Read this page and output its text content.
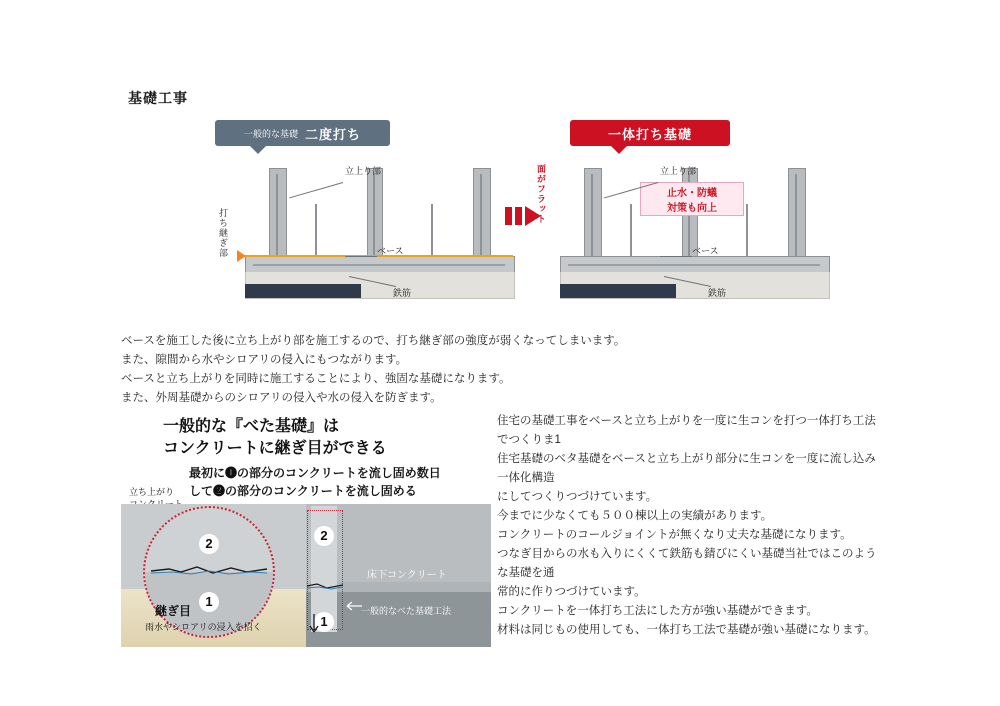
基礎工事
一般的な基礎 二度打ち	一体打ち基礎
立上り部
ベース
鉄筋
打ち継ぎ部
止水・防蟻
対策も向上
立上り部
ベース
鉄筋
面がフラット
ベースを施工した後に立ち上がり部を施工するので、打ち継ぎ部の強度が弱くなってしまいます。
また、隙間から水やシロアリの侵入にもつながります。
ベースと立ち上がりを同時に施工することにより、強固な基礎になります。
また、外周基礎からのシロアリの侵入や水の侵入を防ぎます。
一般的な『べた基礎』は
コンクリートに継ぎ目ができる
最初に❶の部分のコンクリートを流し固め数日
して❷の部分のコンクリートを流し固める
立ち上がり
2
1
2
1
床下コンクリート
一般的なべた基礎工法
継ぎ目
雨水やシロアリの浸入を招く

住宅の基礎工事をベースと立ち上がりを一度に生コンを打つ一体打ち工法でつくりま1

住宅基礎のベタ基礎をベースと立ち上がり部分に生コンを一度に流し込み一体化構造

にしてつくりつづけています。

今までに少なくても５００棟以上の実績があります。

コンクリートのコールジョイントが無くなり丈夫な基礎になります。

つなぎ目からの水も入りにくくて鉄筋も錆びにくい基礎当社ではこのような基礎を通

常的に作りつづけています。

コンクリートを一体打ち工法にした方が強い基礎ができます。

材料は同じもの使用しても、一体打ち工法で基礎が強い基礎になります。
